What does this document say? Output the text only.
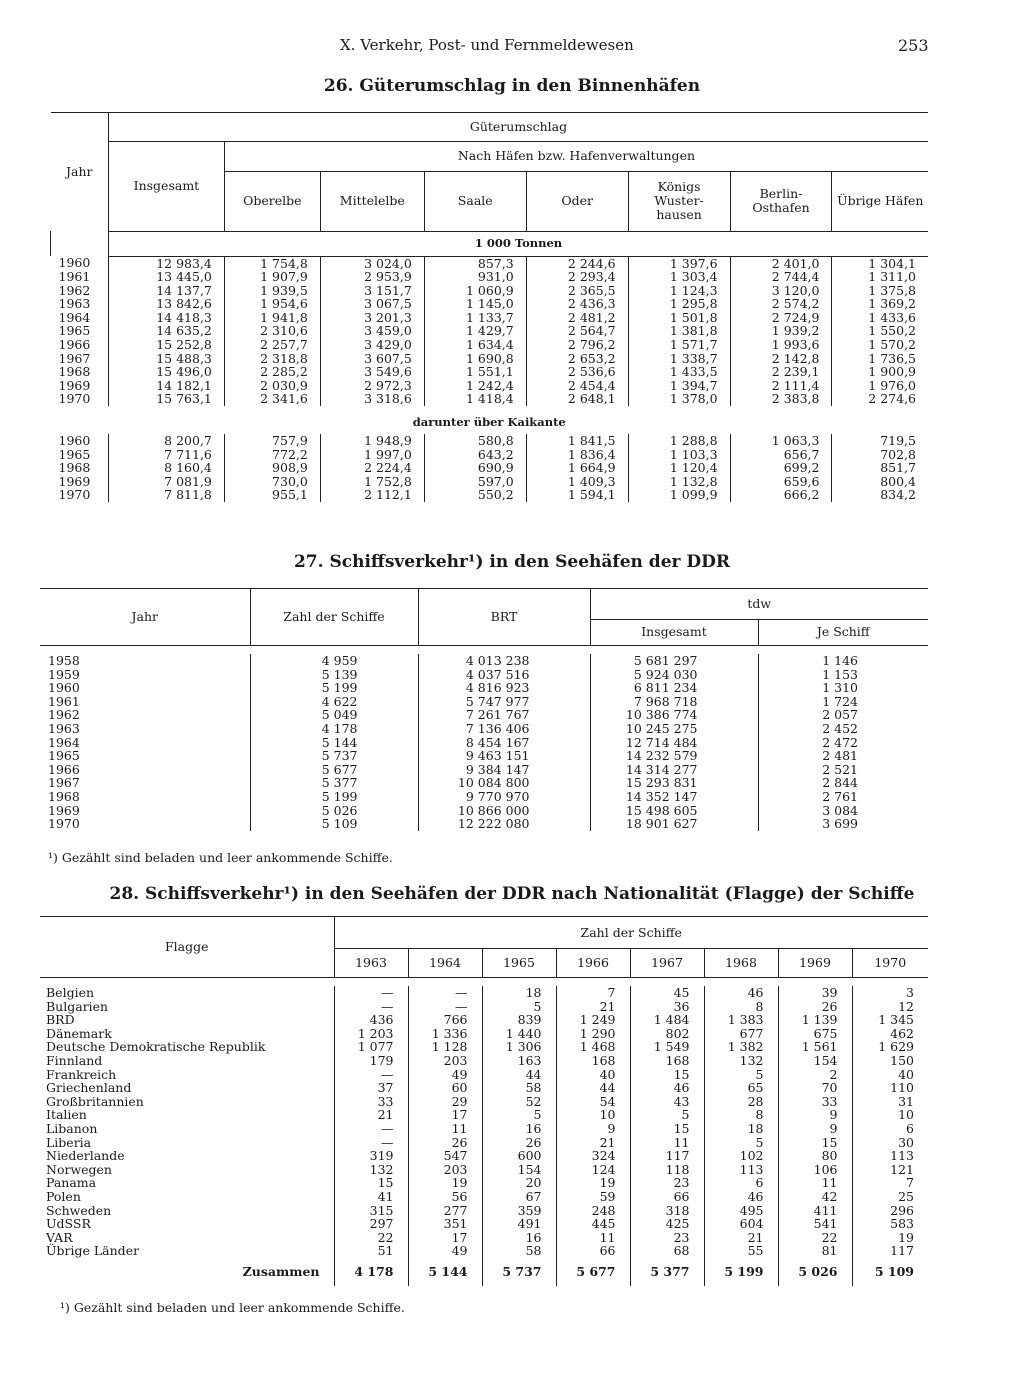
X. Verkehr, Post- und Fernmeldewesen	253
26. Güterumschlag in den Binnenhäfen
Jahr	Güterumschlag							
	Insgesamt	Nach Häfen bzw. Hafenverwaltungen						
		Oberelbe	Mittelelbe	Saale	Oder	Königs Wuster- hausen	Berlin- Osthafen	Übrige Häfen
	1 000 Tonnen							
1960	12 983,4	1 754,8	3 024,0	857,3	2 244,6	1 397,6	2 401,0	1 304,1
1961	13 445,0	1 907,9	2 953,9	931,0	2 293,4	1 303,4	2 744,4	1 311,0
1962	14 137,7	1 939,5	3 151,7	1 060,9	2 365,5	1 124,3	3 120,0	1 375,8
1963	13 842,6	1 954,6	3 067,5	1 145,0	2 436,3	1 295,8	2 574,2	1 369,2
1964	14 418,3	1 941,8	3 201,3	1 133,7	2 481,2	1 501,8	2 724,9	1 433,6
1965	14 635,2	2 310,6	3 459,0	1 429,7	2 564,7	1 381,8	1 939,2	1 550,2
1966	15 252,8	2 257,7	3 429,0	1 634,4	2 796,2	1 571,7	1 993,6	1 570,2
1967	15 488,3	2 318,8	3 607,5	1 690,8	2 653,2	1 338,7	2 142,8	1 736,5
1968	15 496,0	2 285,2	3 549,6	1 551,1	2 536,6	1 433,5	2 239,1	1 900,9
1969	14 182,1	2 030,9	2 972,3	1 242,4	2 454,4	1 394,7	2 111,4	1 976,0
1970	15 763,1	2 341,6	3 318,6	1 418,4	2 648,1	1 378,0	2 383,8	2 274,6
darunter über Kaikante								
1960	8 200,7	757,9	1 948,9	580,8	1 841,5	1 288,8	1 063,3	719,5
1965	7 711,6	772,2	1 997,0	643,2	1 836,4	1 103,3	656,7	702,8
1968	8 160,4	908,9	2 224,4	690,9	1 664,9	1 120,4	699,2	851,7
1969	7 081,9	730,0	1 752,8	597,0	1 409,3	1 132,8	659,6	800,4
1970	7 811,8	955,1	2 112,1	550,2	1 594,1	1 099,9	666,2	834,2
27. Schiffsverkehr¹) in den Seehäfen der DDR
Jahr	Zahl der Schiffe	BRT	tdw	
			Insgesamt	Je Schiff

1958	4 959	4 013 238	5 681 297	1 146
1959	5 139	4 037 516	5 924 030	1 153
1960	5 199	4 816 923	6 811 234	1 310
1961	4 622	5 747 977	7 968 718	1 724
1962	5 049	7 261 767	10 386 774	2 057
1963	4 178	7 136 406	10 245 275	2 452
1964	5 144	8 454 167	12 714 484	2 472
1965	5 737	9 463 151	14 232 579	2 481
1966	5 677	9 384 147	14 314 277	2 521
1967	5 377	10 084 800	15 293 831	2 844
1968	5 199	9 770 970	14 352 147	2 761
1969	5 026	10 866 000	15 498 605	3 084
1970	5 109	12 222 080	18 901 627	3 699
¹) Gezählt sind beladen und leer ankommende Schiffe.
28. Schiffsverkehr¹) in den Seehäfen der DDR nach Nationalität (Flagge) der Schiffe
Flagge	Zahl der Schiffe							
	1963	1964	1965	1966	1967	1968	1969	1970

Belgien	—	—	18	7	45	46	39	3
Bulgarien	—	—	5	21	36	8	26	12
BRD	436	766	839	1 249	1 484	1 383	1 139	1 345
Dänemark	1 203	1 336	1 440	1 290	802	677	675	462
Deutsche Demokratische Republik	1 077	1 128	1 306	1 468	1 549	1 382	1 561	1 629
Finnland	179	203	163	168	168	132	154	150
Frankreich	—	49	44	40	15	5	2	40
Griechenland	37	60	58	44	46	65	70	110
Großbritannien	33	29	52	54	43	28	33	31
Italien	21	17	5	10	5	8	9	10
Libanon	—	11	16	9	15	18	9	6
Liberia	—	26	26	21	11	5	15	30
Niederlande	319	547	600	324	117	102	80	113
Norwegen	132	203	154	124	118	113	106	121
Panama	15	19	20	19	23	6	11	7
Polen	41	56	67	59	66	46	42	25
Schweden	315	277	359	248	318	495	411	296
UdSSR	297	351	491	445	425	604	541	583
VAR	22	17	16	11	23	21	22	19
Übrige Länder	51	49	58	66	68	55	81	117
Zusammen	4 178	5 144	5 737	5 677	5 377	5 199	5 026	5 109
¹) Gezählt sind beladen und leer ankommende Schiffe.
